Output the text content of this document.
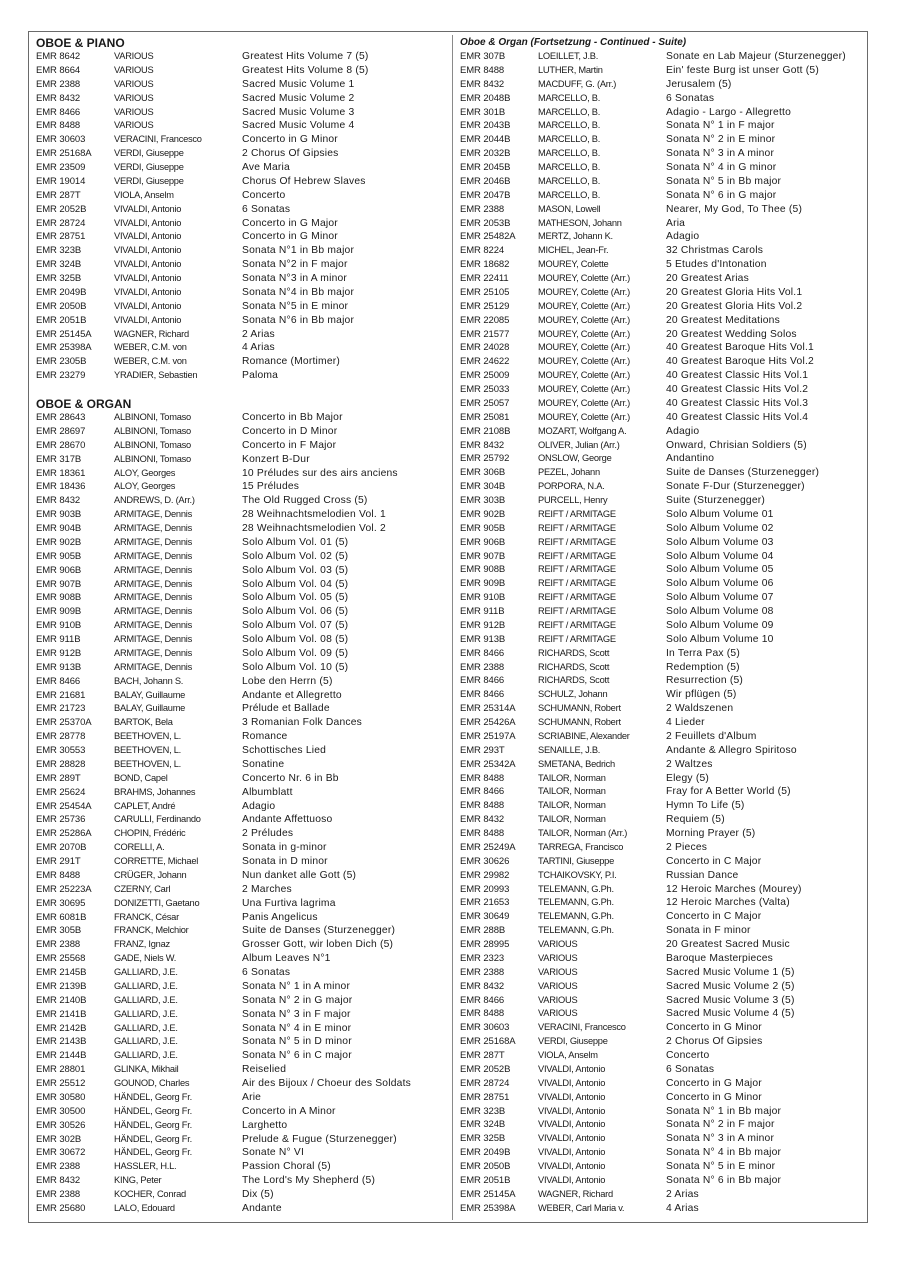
OBOE & PIANO
EMR 8642	VARIOUS	Greatest Hits Volume 7 (5)
EMR 8664	VARIOUS	Greatest Hits Volume 8 (5)
EMR 2388	VARIOUS	Sacred Music Volume 1
EMR 8432	VARIOUS	Sacred Music Volume 2
EMR 8466	VARIOUS	Sacred Music Volume 3
EMR 8488	VARIOUS	Sacred Music Volume 4
EMR 30603	VERACINI, Francesco	Concerto in G Minor
EMR 25168A	VERDI, Giuseppe	2 Chorus Of Gipsies
EMR 23509	VERDI, Giuseppe	Ave Maria
EMR 19014	VERDI, Giuseppe	Chorus Of Hebrew Slaves
EMR 287T	VIOLA, Anselm	Concerto
EMR 2052B	VIVALDI, Antonio	6 Sonatas
EMR 28724	VIVALDI, Antonio	Concerto in G Major
EMR 28751	VIVALDI, Antonio	Concerto in G Minor
EMR 323B	VIVALDI, Antonio	Sonata N°1 in Bb major
EMR 324B	VIVALDI, Antonio	Sonata N°2 in F major
EMR 325B	VIVALDI, Antonio	Sonata N°3 in A minor
EMR 2049B	VIVALDI, Antonio	Sonata N°4 in Bb major
EMR 2050B	VIVALDI, Antonio	Sonata N°5 in E minor
EMR 2051B	VIVALDI, Antonio	Sonata N°6 in Bb major
EMR 25145A	WAGNER, Richard	2 Arias
EMR 25398A	WEBER, C.M. von	4 Arias
EMR 2305B	WEBER, C.M. von	Romance (Mortimer)
EMR 23279	YRADIER, Sebastien	Paloma
OBOE & ORGAN
EMR 28643	ALBINONI, Tomaso	Concerto in Bb Major
EMR 28697	ALBINONI, Tomaso	Concerto in D Minor
EMR 28670	ALBINONI, Tomaso	Concerto in F Major
EMR 317B	ALBINONI, Tomaso	Konzert B-Dur
EMR 18361	ALOY, Georges	10 Préludes sur des airs anciens
EMR 18436	ALOY, Georges	15 Préludes
EMR 8432	ANDREWS, D. (Arr.)	The Old Rugged Cross (5)
EMR 903B	ARMITAGE, Dennis	28 Weihnachtsmelodien Vol. 1
EMR 904B	ARMITAGE, Dennis	28 Weihnachtsmelodien Vol. 2
EMR 902B	ARMITAGE, Dennis	Solo Album Vol. 01 (5)
EMR 905B	ARMITAGE, Dennis	Solo Album Vol. 02 (5)
EMR 906B	ARMITAGE, Dennis	Solo Album Vol. 03 (5)
EMR 907B	ARMITAGE, Dennis	Solo Album Vol. 04 (5)
EMR 908B	ARMITAGE, Dennis	Solo Album Vol. 05 (5)
EMR 909B	ARMITAGE, Dennis	Solo Album Vol. 06 (5)
EMR 910B	ARMITAGE, Dennis	Solo Album Vol. 07 (5)
EMR 911B	ARMITAGE, Dennis	Solo Album Vol. 08 (5)
EMR 912B	ARMITAGE, Dennis	Solo Album Vol. 09 (5)
EMR 913B	ARMITAGE, Dennis	Solo Album Vol. 10 (5)
EMR 8466	BACH, Johann S.	Lobe den Herrn (5)
EMR 21681	BALAY, Guillaume	Andante et Allegretto
EMR 21723	BALAY, Guillaume	Prélude et Ballade
EMR 25370A	BARTOK, Bela	3 Romanian Folk Dances
EMR 28778	BEETHOVEN, L.	Romance
EMR 30553	BEETHOVEN, L.	Schottisches Lied
EMR 28828	BEETHOVEN, L.	Sonatine
EMR 289T	BOND, Capel	Concerto Nr. 6 in Bb
EMR 25624	BRAHMS, Johannes	Albumblatt
EMR 25454A	CAPLET, André	Adagio
EMR 25736	CARULLI, Ferdinando	Andante Affettuoso
EMR 25286A	CHOPIN, Frédéric	2 Préludes
EMR 2070B	CORELLI, A.	Sonata in g-minor
EMR 291T	CORRETTE, Michael	Sonata in D minor
EMR 8488	CRÜGER, Johann	Nun danket alle Gott (5)
EMR 25223A	CZERNY, Carl	2 Marches
EMR 30695	DONIZETTI, Gaetano	Una Furtiva lagrima
EMR 6081B	FRANCK, César	Panis Angelicus
EMR 305B	FRANCK, Melchior	Suite de Danses (Sturzenegger)
EMR 2388	FRANZ, Ignaz	Grosser Gott, wir loben Dich (5)
EMR 25568	GADE, Niels W.	Album Leaves N°1
EMR 2145B	GALLIARD, J.E.	6 Sonatas
EMR 2139B	GALLIARD, J.E.	Sonata N° 1 in A minor
EMR 2140B	GALLIARD, J.E.	Sonata N° 2 in G major
EMR 2141B	GALLIARD, J.E.	Sonata N° 3 in F major
EMR 2142B	GALLIARD, J.E.	Sonata N° 4 in E minor
EMR 2143B	GALLIARD, J.E.	Sonata N° 5 in D minor
EMR 2144B	GALLIARD, J.E.	Sonata N° 6 in C major
EMR 28801	GLINKA, Mikhail	Reiselied
EMR 25512	GOUNOD, Charles	Air des Bijoux / Choeur des Soldats
EMR 30580	HÄNDEL, Georg Fr.	Arie
EMR 30500	HÄNDEL, Georg Fr.	Concerto in A Minor
EMR 30526	HÄNDEL, Georg Fr.	Larghetto
EMR 302B	HÄNDEL, Georg Fr.	Prelude & Fugue (Sturzenegger)
EMR 30672	HÄNDEL, Georg Fr.	Sonate N° VI
EMR 2388	HASSLER, H.L.	Passion Choral (5)
EMR 8432	KING, Peter	The Lord's My Shepherd (5)
EMR 2388	KOCHER, Conrad	Dix (5)
EMR 25680	LALO, Edouard	Andante
Oboe & Organ (Fortsetzung - Continued - Suite)
EMR 307B	LOEILLET, J.B.	Sonate en Lab Majeur (Sturzenegger)
EMR 8488	LUTHER, Martin	Ein' feste Burg ist unser Gott (5)
EMR 8432	MACDUFF, G. (Arr.)	Jerusalem (5)
EMR 2048B	MARCELLO, B.	6 Sonatas
EMR 301B	MARCELLO, B.	Adagio - Largo - Allegretto
EMR 2043B	MARCELLO, B.	Sonata N° 1 in F major
EMR 2044B	MARCELLO, B.	Sonata N° 2 in E minor
EMR 2032B	MARCELLO, B.	Sonata N° 3 in A minor
EMR 2045B	MARCELLO, B.	Sonata N° 4 in G minor
EMR 2046B	MARCELLO, B.	Sonata N° 5 in Bb major
EMR 2047B	MARCELLO, B.	Sonata N° 6 in G major
EMR 2388	MASON, Lowell	Nearer, My God, To Thee (5)
EMR 2053B	MATHESON, Johann	Aria
EMR 25482A	MERTZ, Johann K.	Adagio
EMR 8224	MICHEL, Jean-Fr.	32 Christmas Carols
EMR 18682	MOUREY, Colette	5 Etudes d'Intonation
EMR 22411	MOUREY, Colette (Arr.)	20 Greatest Arias
EMR 25105	MOUREY, Colette (Arr.)	20 Greatest Gloria Hits Vol.1
EMR 25129	MOUREY, Colette (Arr.)	20 Greatest Gloria Hits Vol.2
EMR 22085	MOUREY, Colette (Arr.)	20 Greatest Meditations
EMR 21577	MOUREY, Colette (Arr.)	20 Greatest Wedding Solos
EMR 24028	MOUREY, Colette (Arr.)	40 Greatest Baroque Hits Vol.1
EMR 24622	MOUREY, Colette (Arr.)	40 Greatest Baroque Hits Vol.2
EMR 25009	MOUREY, Colette (Arr.)	40 Greatest Classic Hits Vol.1
EMR 25033	MOUREY, Colette (Arr.)	40 Greatest Classic Hits Vol.2
EMR 25057	MOUREY, Colette (Arr.)	40 Greatest Classic Hits Vol.3
EMR 25081	MOUREY, Colette (Arr.)	40 Greatest Classic Hits Vol.4
EMR 2108B	MOZART, Wolfgang A.	Adagio
EMR 8432	OLIVER, Julian (Arr.)	Onward, Chrisian Soldiers (5)
EMR 25792	ONSLOW, George	Andantino
EMR 306B	PEZEL, Johann	Suite de Danses (Sturzenegger)
EMR 304B	PORPORA, N.A.	Sonate F-Dur (Sturzenegger)
EMR 303B	PURCELL, Henry	Suite (Sturzenegger)
EMR 902B	REIFT / ARMITAGE	Solo Album Volume 01
EMR 905B	REIFT / ARMITAGE	Solo Album Volume 02
EMR 906B	REIFT / ARMITAGE	Solo Album Volume 03
EMR 907B	REIFT / ARMITAGE	Solo Album Volume 04
EMR 908B	REIFT / ARMITAGE	Solo Album Volume 05
EMR 909B	REIFT / ARMITAGE	Solo Album Volume 06
EMR 910B	REIFT / ARMITAGE	Solo Album Volume 07
EMR 911B	REIFT / ARMITAGE	Solo Album Volume 08
EMR 912B	REIFT / ARMITAGE	Solo Album Volume 09
EMR 913B	REIFT / ARMITAGE	Solo Album Volume 10
EMR 8466	RICHARDS, Scott	In Terra Pax (5)
EMR 2388	RICHARDS, Scott	Redemption (5)
EMR 8466	RICHARDS, Scott	Resurrection (5)
EMR 8466	SCHULZ, Johann	Wir pflügen (5)
EMR 25314A	SCHUMANN, Robert	2 Waldszenen
EMR 25426A	SCHUMANN, Robert	4 Lieder
EMR 25197A	SCRIABINE, Alexander	2 Feuillets d'Album
EMR 293T	SENAILLE, J.B.	Andante & Allegro Spiritoso
EMR 25342A	SMETANA, Bedrich	2 Waltzes
EMR 8488	TAILOR, Norman	Elegy (5)
EMR 8466	TAILOR, Norman	Fray for A Better World (5)
EMR 8488	TAILOR, Norman	Hymn To Life (5)
EMR 8432	TAILOR, Norman	Requiem (5)
EMR 8488	TAILOR, Norman (Arr.)	Morning Prayer (5)
EMR 25249A	TARREGA, Francisco	2 Pieces
EMR 30626	TARTINI, Giuseppe	Concerto in C Major
EMR 29982	TCHAIKOVSKY, P.I.	Russian Dance
EMR 20993	TELEMANN, G.Ph.	12 Heroic Marches (Mourey)
EMR 21653	TELEMANN, G.Ph.	12 Heroic Marches (Valta)
EMR 30649	TELEMANN, G.Ph.	Concerto in C Major
EMR 288B	TELEMANN, G.Ph.	Sonata in F minor
EMR 28995	VARIOUS	20 Greatest Sacred Music
EMR 2323	VARIOUS	Baroque Masterpieces
EMR 2388	VARIOUS	Sacred Music Volume 1 (5)
EMR 8432	VARIOUS	Sacred Music Volume 2 (5)
EMR 8466	VARIOUS	Sacred Music Volume 3 (5)
EMR 8488	VARIOUS	Sacred Music Volume 4 (5)
EMR 30603	VERACINI, Francesco	Concerto in G Minor
EMR 25168A	VERDI, Giuseppe	2 Chorus Of Gipsies
EMR 287T	VIOLA, Anselm	Concerto
EMR 2052B	VIVALDI, Antonio	6 Sonatas
EMR 28724	VIVALDI, Antonio	Concerto in G Major
EMR 28751	VIVALDI, Antonio	Concerto in G Minor
EMR 323B	VIVALDI, Antonio	Sonata N° 1 in Bb major
EMR 324B	VIVALDI, Antonio	Sonata N° 2 in F major
EMR 325B	VIVALDI, Antonio	Sonata N° 3 in A minor
EMR 2049B	VIVALDI, Antonio	Sonata N° 4 in Bb major
EMR 2050B	VIVALDI, Antonio	Sonata N° 5 in E minor
EMR 2051B	VIVALDI, Antonio	Sonata N° 6 in Bb major
EMR 25145A	WAGNER, Richard	2 Arias
EMR 25398A	WEBER, Carl Maria v.	4 Arias
